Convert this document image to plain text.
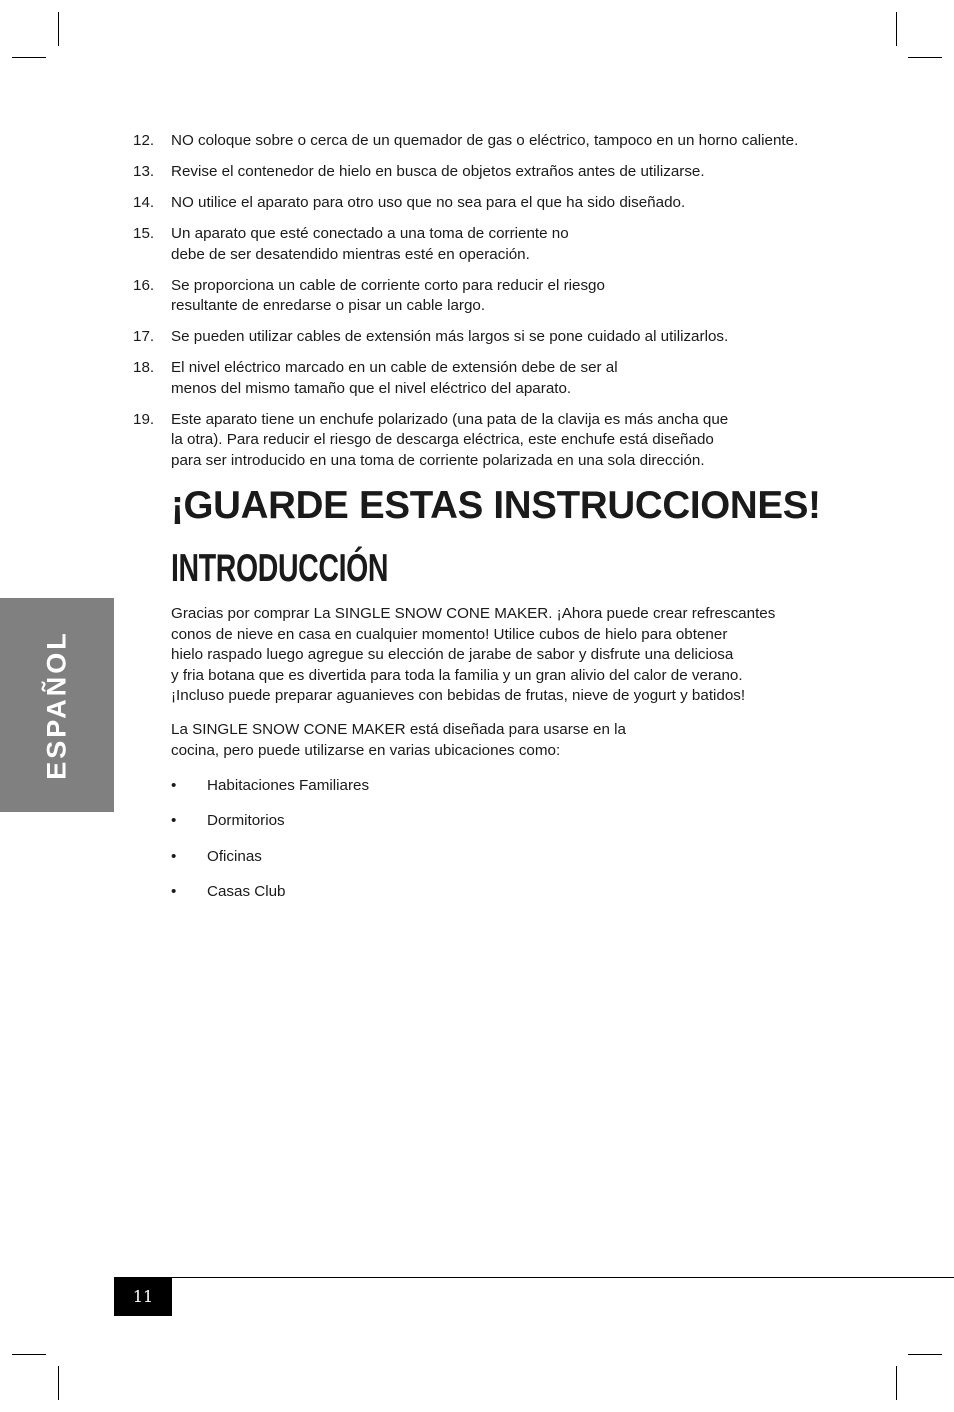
12.	NO coloque sobre o cerca de un quemador de gas o eléctrico, tampoco en un horno caliente.
13.	Revise el contenedor de hielo en busca de objetos extraños antes de utilizarse.
14.	NO utilice el aparato para otro uso que no sea para el que ha sido diseñado.
15.	Un aparato que esté conectado a una toma de corriente no
debe de ser desatendido mientras esté en operación.
16.	Se proporciona un cable de corriente corto para reducir el riesgo
resultante de enredarse o pisar un cable largo.
17.	Se pueden utilizar cables de extensión más largos si se pone cuidado al utilizarlos.
18.	El nivel eléctrico marcado en un cable de extensión debe de ser al
menos del mismo tamaño que el nivel eléctrico del aparato.
19.	Este aparato tiene un enchufe polarizado (una pata de la clavija es más ancha que
la otra). Para reducir el riesgo de descarga eléctrica, este enchufe está diseñado
para ser introducido en una toma de corriente polarizada en una sola dirección.
¡GUARDE ESTAS INSTRUCCIONES!
INTRODUCCIÓN

Gracias por comprar La SINGLE SNOW CONE MAKER. ¡Ahora puede crear refrescantes
conos de nieve en casa en cualquier momento! Utilice cubos de hielo para obtener
hielo raspado luego agregue su elección de jarabe de sabor y disfrute una deliciosa
y fria botana que es divertida para toda la familia y un gran alivio del calor de verano.
¡Incluso puede preparar aguanieves con bebidas de frutas, nieve de yogurt y batidos!

La SINGLE SNOW CONE MAKER está diseñada para usarse en la
cocina, pero puede utilizarse en varias ubicaciones como:

•	Habitaciones Familiares
•	Dormitorios
•	Oficinas
•	Casas Club
ESPAÑOL
11
